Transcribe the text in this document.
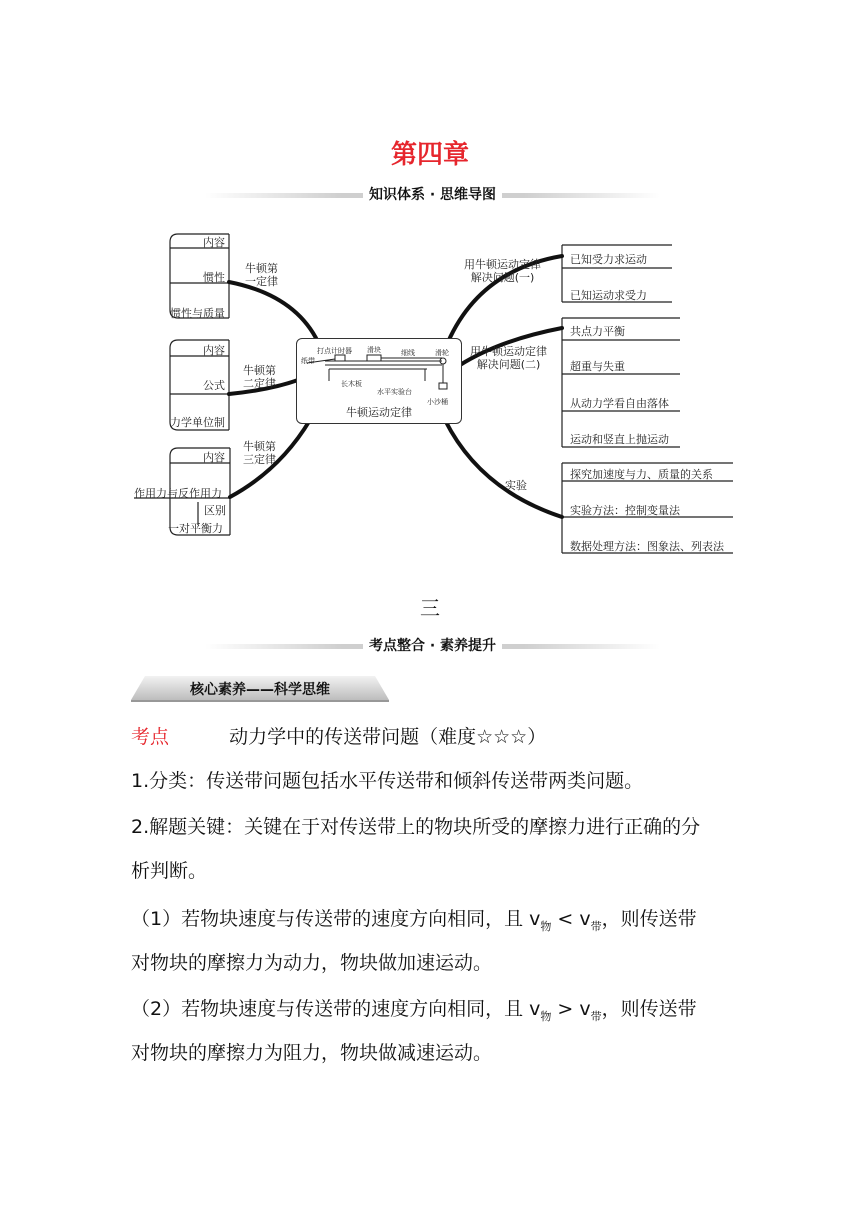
第四章
知识体系 · 思维导图
内容
惯性
惯性与质量
牛顿第
一定律
内容
公式
力学单位制
牛顿第
二定律
内容
作用力与反作用力
区别
一对平衡力
牛顿第
三定律
用牛顿运动定律
解决问题(一)
已知受力求运动
已知运动求受力
用牛顿运动定律
解决问题(二)
共点力平衡
超重与失重
从动力学看自由落体
运动和竖直上抛运动
实验
探究加速度与力、质量的关系
实验方法：控制变量法
数据处理方法：图象法、列表法
打点计时器 滑块	细线	滑轮
纸带
长木板
水平实验台
小沙桶
牛顿运动定律
三
考点整合 · 素养提升
核心素养——科学思维
考点	动力学中的传送带问题（难度☆☆☆）
1.分类：传送带问题包括水平传送带和倾斜传送带两类问题。
2.解题关键：关键在于对传送带上的物块所受的摩擦力进行正确的分
析判断。
（1）若物块速度与传送带的速度方向相同，且 $v_物 < v_带$，则传送带
对物块的摩擦力为动力，物块做加速运动。
（2）若物块速度与传送带的速度方向相同，且 $v_物 > v_带$，则传送带
对物块的摩擦力为阻力，物块做减速运动。
